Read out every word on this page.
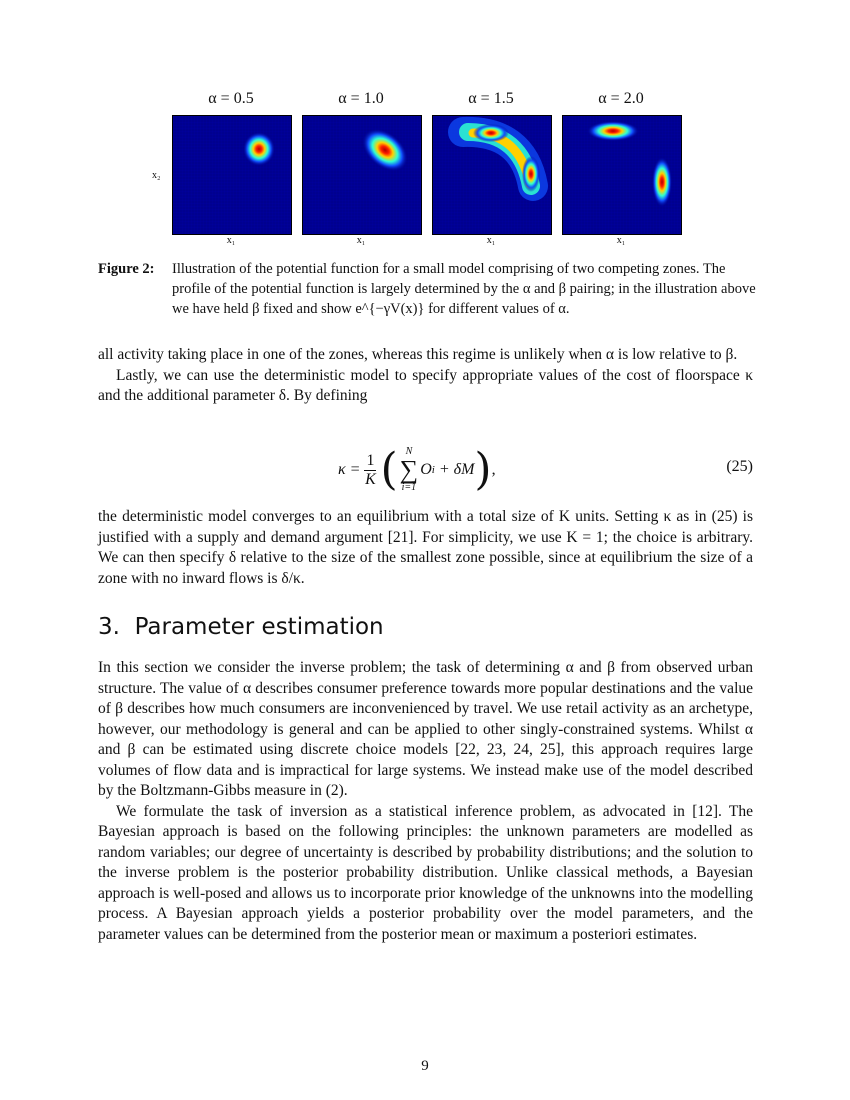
x₂
α = 0.5
x₁
α = 1.0
x₁
α = 1.5
x₁
α = 2.0
x₁
Figure 2: Illustration of the potential function for a small model comprising of two competing zones. The profile of the potential function is largely determined by the α and β pairing; in the illustration above we have held β fixed and show e^{−γV(x)} for different values of α.

all activity taking place in one of the zones, whereas this regime is unlikely when α is low relative to β.

Lastly, we can use the deterministic model to specify appropriate values of the cost of floorspace κ and the additional parameter δ. By defining

$\kappa = \frac{1}{K}$ ( N
∑
i=1
O i + δM ) ,	(25)

the deterministic model converges to an equilibrium with a total size of K units. Setting κ as in (25) is justified with a supply and demand argument [21]. For simplicity, we use K = 1; the choice is arbitrary. We can then specify δ relative to the size of the smallest zone possible, since at equilibrium the size of a zone with no inward flows is δ/κ.

3.  Parameter estimation

In this section we consider the inverse problem; the task of determining α and β from observed urban structure. The value of α describes consumer preference towards more popular destinations and the value of β describes how much consumers are inconvenienced by travel. We use retail activity as an archetype, however, our methodology is general and can be applied to other singly-constrained systems. Whilst α and β can be estimated using discrete choice models [22, 23, 24, 25], this approach requires large volumes of flow data and is impractical for large systems. We instead make use of the model described by the Boltzmann-Gibbs measure in (2).

We formulate the task of inversion as a statistical inference problem, as advocated in [12]. The Bayesian approach is based on the following principles: the unknown parameters are modelled as random variables; our degree of uncertainty is described by probability distributions; and the solution to the inverse problem is the posterior probability distribution. Unlike classical methods, a Bayesian approach is well-posed and allows us to incorporate prior knowledge of the unknowns into the modelling process. A Bayesian approach yields a posterior probability over the model parameters, and the parameter values can be determined from the posterior mean or maximum a posteriori estimates.

9
